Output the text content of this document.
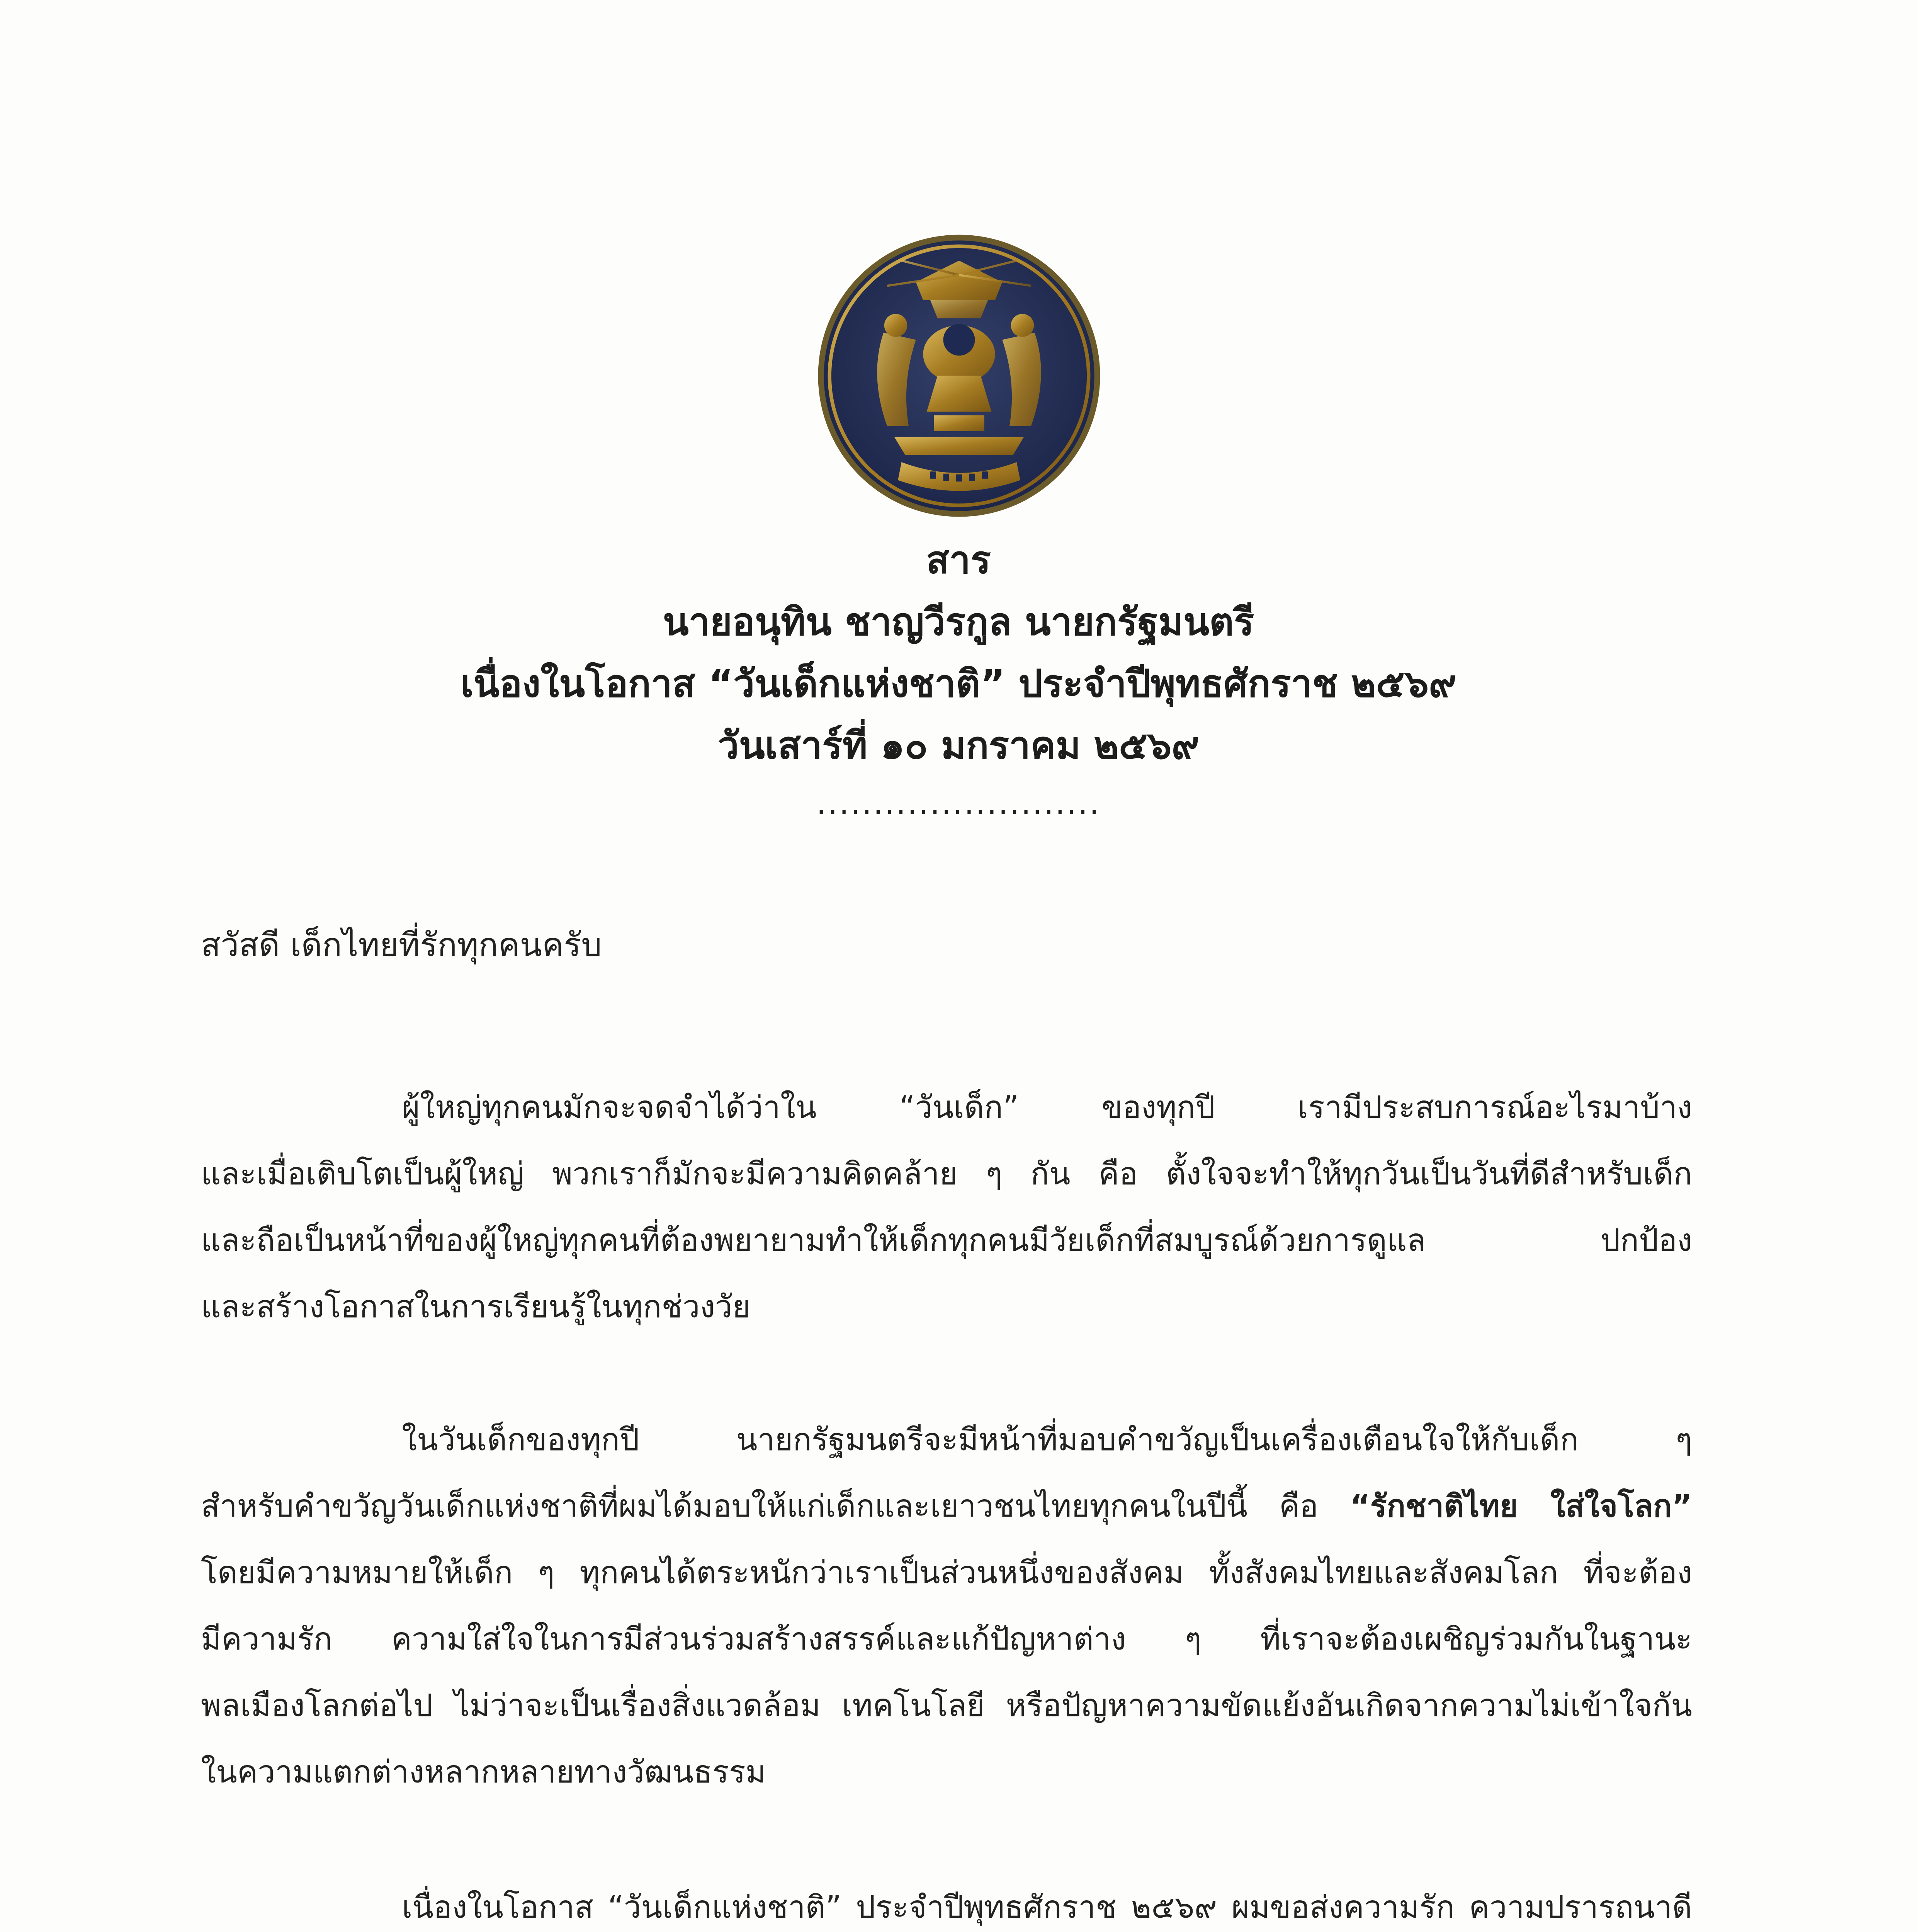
สาร
นายอนุทิน ชาญวีรกูล นายกรัฐมนตรี
เนื่องในโอกาส “วันเด็กแห่งชาติ” ประจำปีพุทธศักราช ๒๕๖๙
วันเสาร์ที่ ๑๐ มกราคม ๒๕๖๙
.........................
สวัสดี เด็กไทยที่รักทุกคนครับ
ผู้ใหญ่ทุกคนมักจะจดจำได้ว่าใน “วันเด็ก” ของทุกปี เรามีประสบการณ์อะไรมาบ้าง
และเมื่อเติบโตเป็นผู้ใหญ่ พวกเราก็มักจะมีความคิดคล้าย ๆ กัน คือ ตั้งใจจะทำให้ทุกวันเป็นวันที่ดีสำหรับเด็ก
และถือเป็นหน้าที่ของผู้ใหญ่ทุกคนที่ต้องพยายามทำให้เด็กทุกคนมีวัยเด็กที่สมบูรณ์ด้วยการดูแล ปกป้อง
และสร้างโอกาสในการเรียนรู้ในทุกช่วงวัย
ในวันเด็กของทุกปี นายกรัฐมนตรีจะมีหน้าที่มอบคำขวัญเป็นเครื่องเตือนใจให้กับเด็ก ๆ
สำหรับคำขวัญวันเด็กแห่งชาติที่ผมได้มอบให้แก่เด็กและเยาวชนไทยทุกคนในปีนี้ คือ “รักชาติไทย ใส่ใจโลก”
โดยมีความหมายให้เด็ก ๆ ทุกคนได้ตระหนักว่าเราเป็นส่วนหนึ่งของสังคม ทั้งสังคมไทยและสังคมโลก ที่จะต้อง
มีความรัก ความใส่ใจในการมีส่วนร่วมสร้างสรรค์และแก้ปัญหาต่าง ๆ ที่เราจะต้องเผชิญร่วมกันในฐานะ
พลเมืองโลกต่อไป ไม่ว่าจะเป็นเรื่องสิ่งแวดล้อม เทคโนโลยี หรือปัญหาความขัดแย้งอันเกิดจากความไม่เข้าใจกัน
ในความแตกต่างหลากหลายทางวัฒนธรรม
เนื่องในโอกาส “วันเด็กแห่งชาติ” ประจำปีพุทธศักราช ๒๕๖๙ ผมขอส่งความรัก ความปรารถนาดี
